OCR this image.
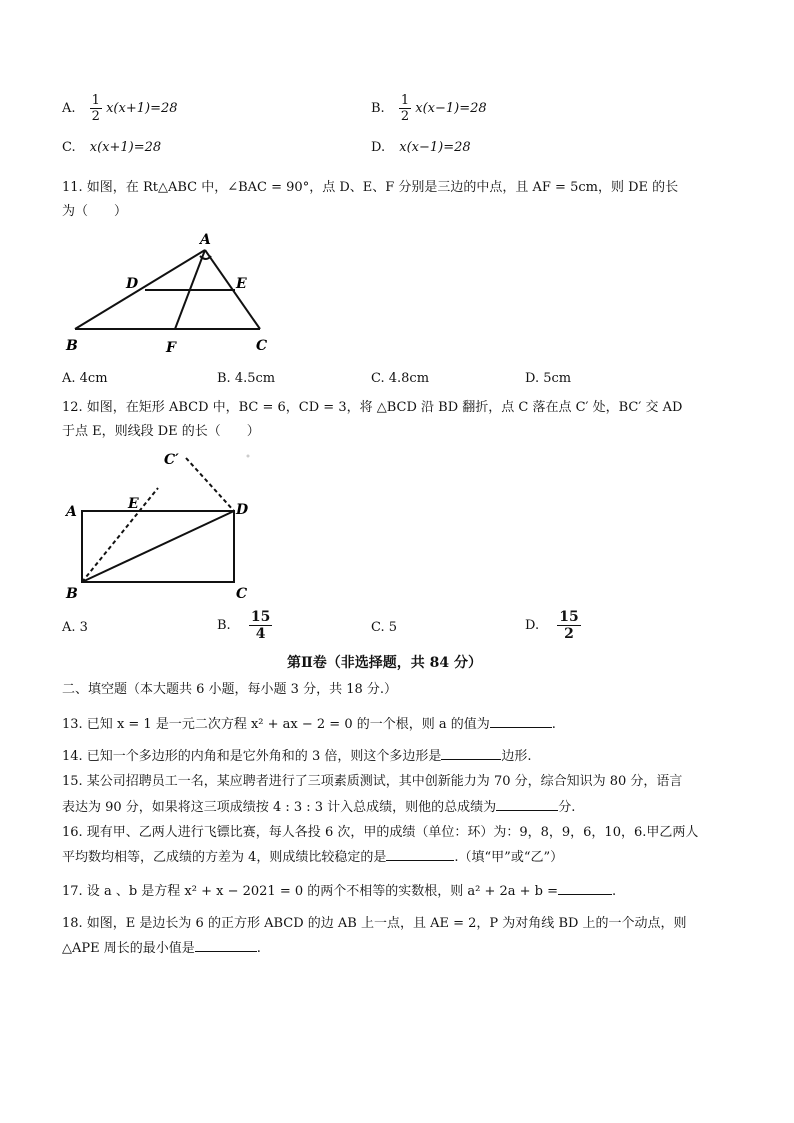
A. $\frac{1}{2} x(x+1)=28$	B. $\frac{1}{2} x(x-1)=28$
C. x(x+1)=28	D. x(x−1)=28
11. 如图，在 Rt△ABC 中，∠BAC = 90°，点 D、E、F 分别是三边的中点，且 AF = 5cm，则 DE 的长
为（　　）
A
D	E
B	F	C
A. 4cm	B. 4.5cm	C. 4.8cm	D. 5cm
12. 如图，在矩形 ABCD 中，BC = 6，CD = 3，将 △BCD 沿 BD 翻折，点 C 落在点 C′ 处，BC′ 交 AD
于点 E，则线段 DE 的长（　　）
C′
E
A	D
B	C
A. 3	B. $\frac{15}{4}$	C. 5	D. $\frac{15}{2}$
第Ⅱ卷（非选择题，共 84 分）
二、填空题（本大题共 6 小题，每小题 3 分，共 18 分.）
13. 已知 x = 1 是一元二次方程 x² + ax − 2 = 0 的一个根，则 a 的值为	.
14. 已知一个多边形的内角和是它外角和的 3 倍，则这个多边形是	边形.
15. 某公司招聘员工一名，某应聘者进行了三项素质测试，其中创新能力为 70 分，综合知识为 80 分，语言
表达为 90 分，如果将这三项成绩按 4 : 3 : 3 计入总成绩，则他的总成绩为	分.
16. 现有甲、乙两人进行飞镖比赛，每人各投 6 次，甲的成绩（单位：环）为：9，8，9，6，10，6.甲乙两人
平均数均相等，乙成绩的方差为 4，则成绩比较稳定的是	.（填“甲”或“乙”）
17. 设 a 、b 是方程 x² + x − 2021 = 0 的两个不相等的实数根，则 a² + 2a + b =	.
18. 如图，E 是边长为 6 的正方形 ABCD 的边 AB 上一点，且 AE = 2，P 为对角线 BD 上的一个动点，则
△APE 周长的最小值是	.
